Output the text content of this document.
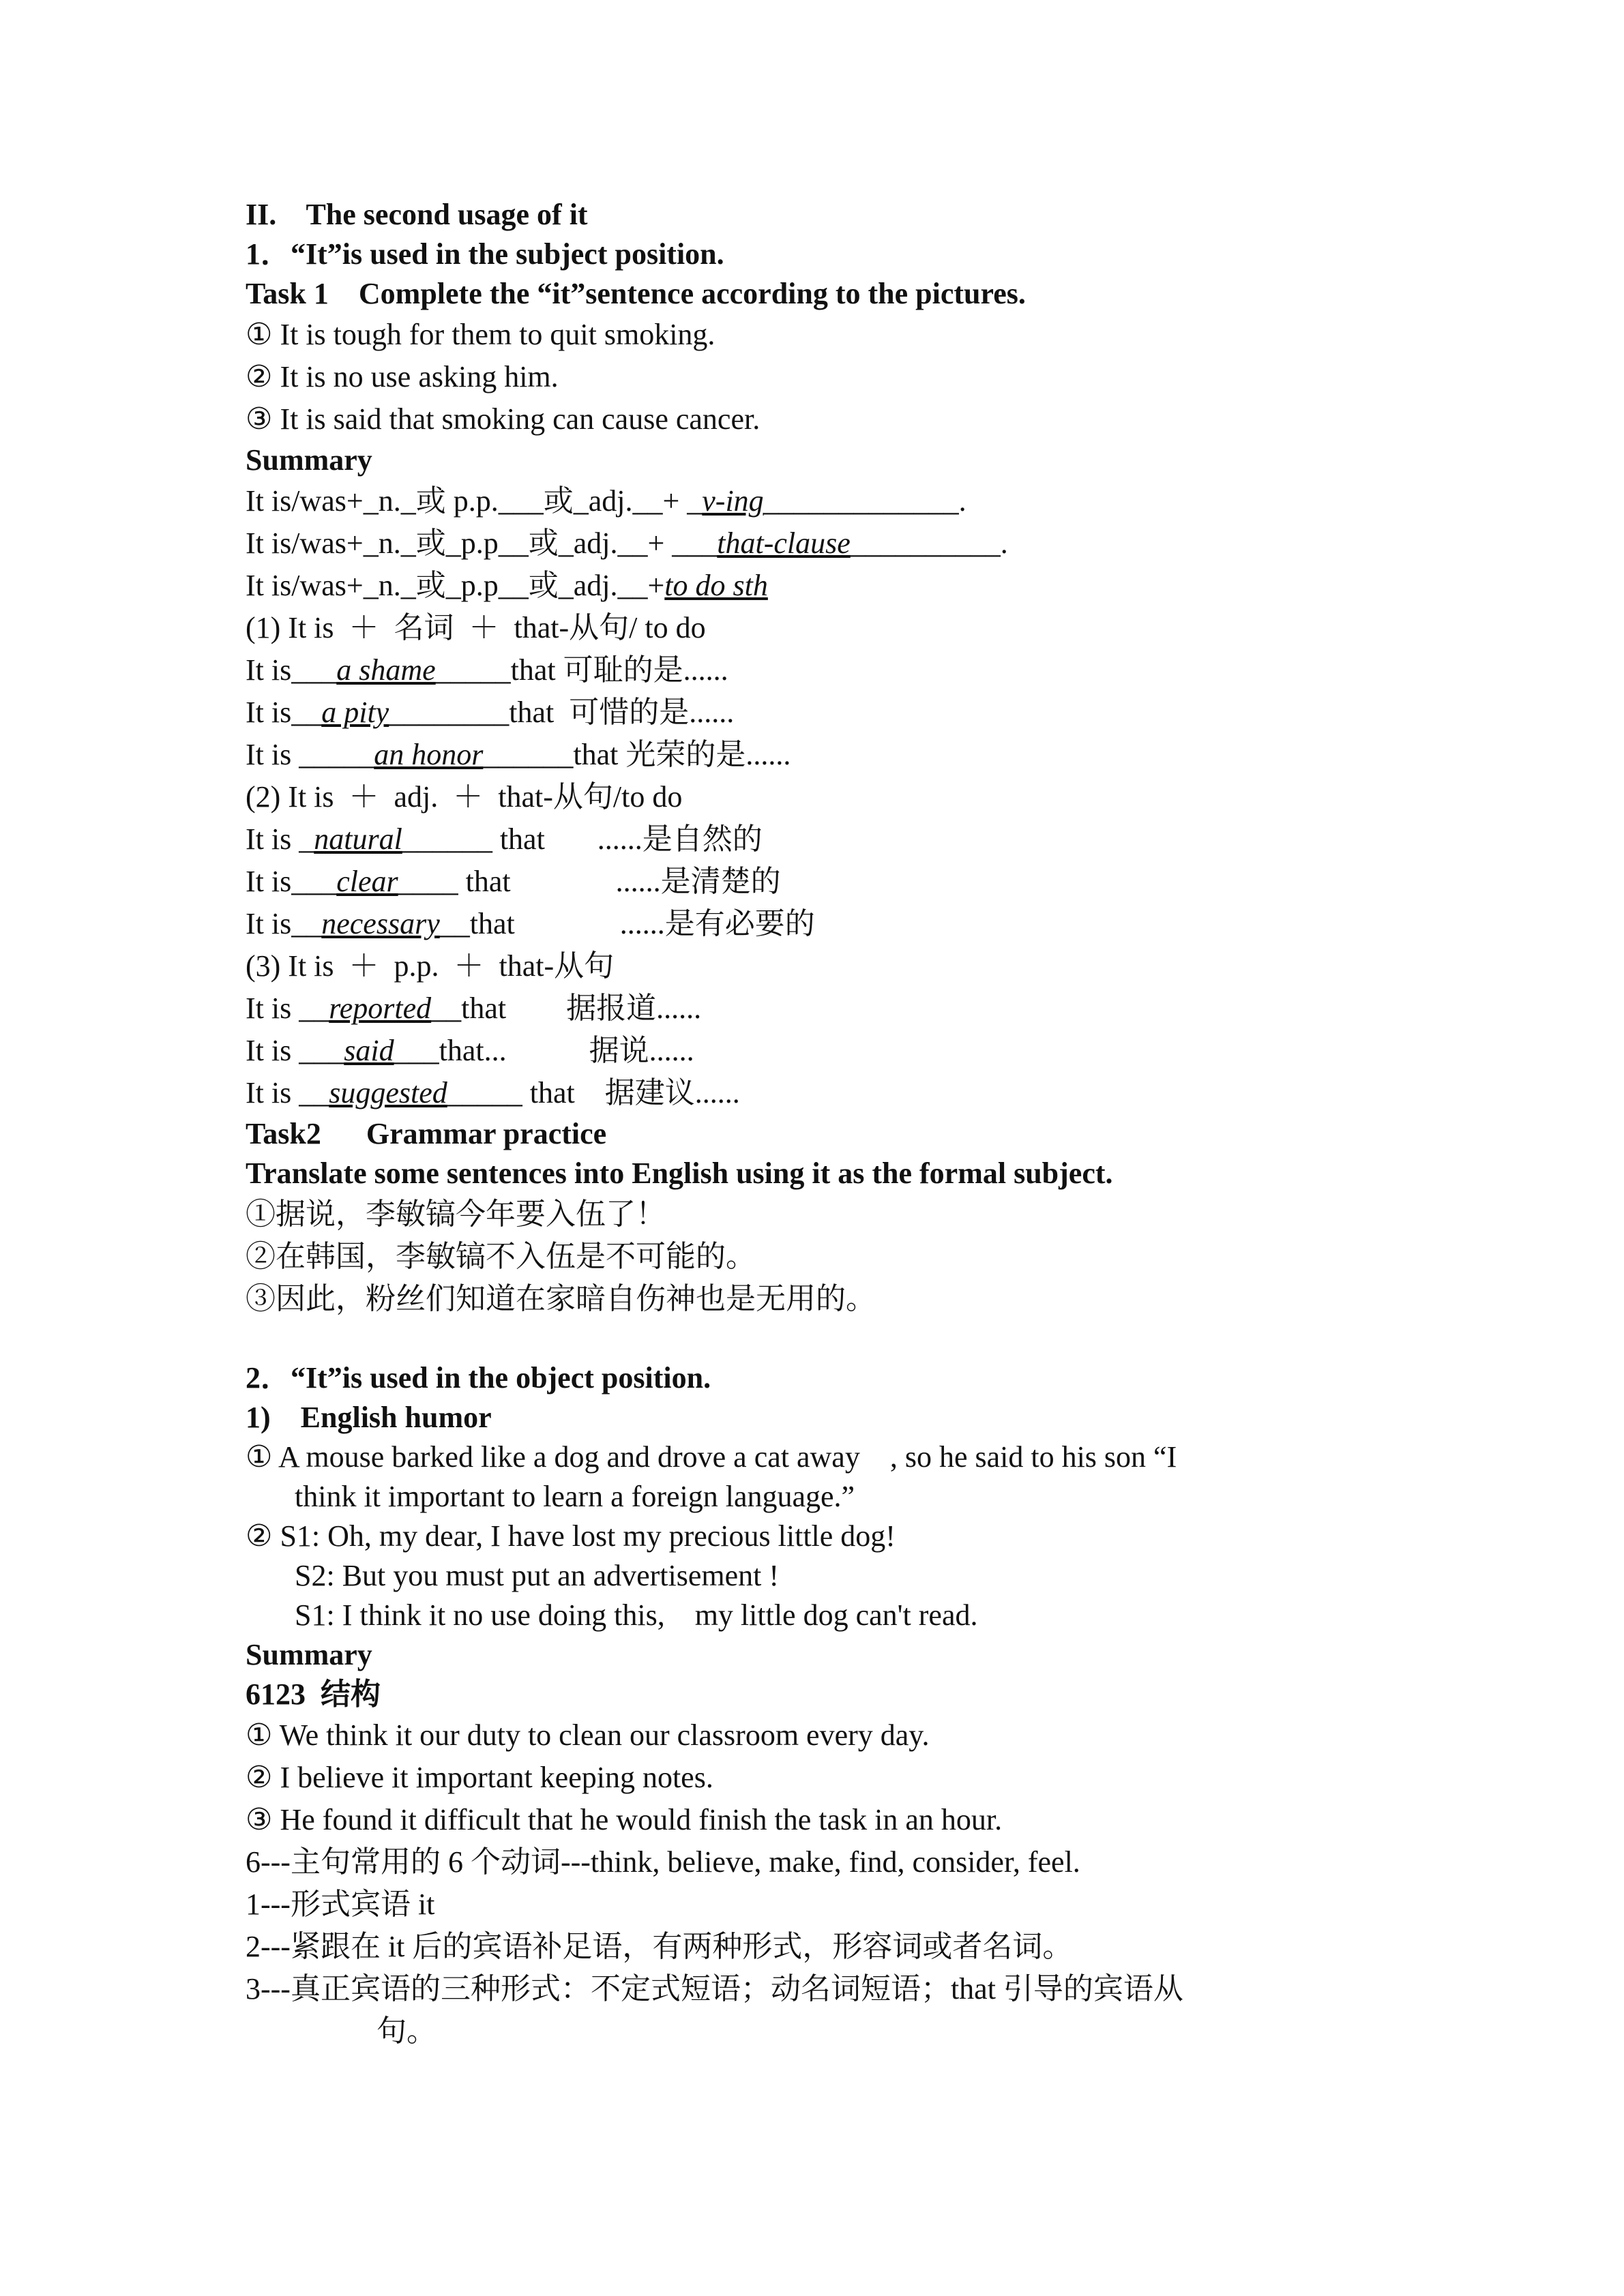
II.    The second usage of it
1．“It”is used in the subject position.
Task 1    Complete the “it”sentence according to the pictures.
① It is tough for them to quit smoking.
② It is no use asking him.
③ It is said that smoking can cause cancer.
Summary
It is/was+_n._或 p.p.___或_adj.__+ _v-ing_____________.
It is/was+_n._或_p.p__或_adj.__+ ___that-clause__________.
It is/was+_n._或_p.p__或_adj.__+to do sth
(1) It is  ＋  名词  ＋  that-从句/ to do
It is___a shame_____that 可耻的是......
It is__a pity________that  可惜的是......
It is _____an honor______that 光荣的是......
(2) It is  ＋  adj.  ＋  that-从句/to do
It is _natural______ that 　  ......是自然的
It is___clear____ that              ......是清楚的
It is__necessary__that              ......是有必要的
(3) It is  ＋  p.p.  ＋  that-从句
It is __reported__that 　   据报道......
It is ___said___that...           据说......
It is __suggested_____ that    据建议......
Task2      Grammar practice
Translate some sentences into English using it as the formal subject.
①据说，李敏镐今年要入伍了！
②在韩国，李敏镐不入伍是不可能的。
③因此，粉丝们知道在家暗自伤神也是无用的。
2．“It”is used in the object position.
1)    English humor
① A mouse barked like a dog and drove a cat away    , so he said to his son “I
think it important to learn a foreign language.”
② S1: Oh, my dear, I have lost my precious little dog!
S2: But you must put an advertisement !
S1: I think it no use doing this,    my little dog can't read.
Summary
6123  结构
① We think it our duty to clean our classroom every day.
② I believe it important keeping notes.
③ He found it difficult that he would finish the task in an hour.
6---主句常用的 6 个动词---think, believe, make, find, consider, feel.
1---形式宾语 it
2---紧跟在 it 后的宾语补足语，有两种形式，形容词或者名词。
3---真正宾语的三种形式：不定式短语；动名词短语；that 引导的宾语从
句。
